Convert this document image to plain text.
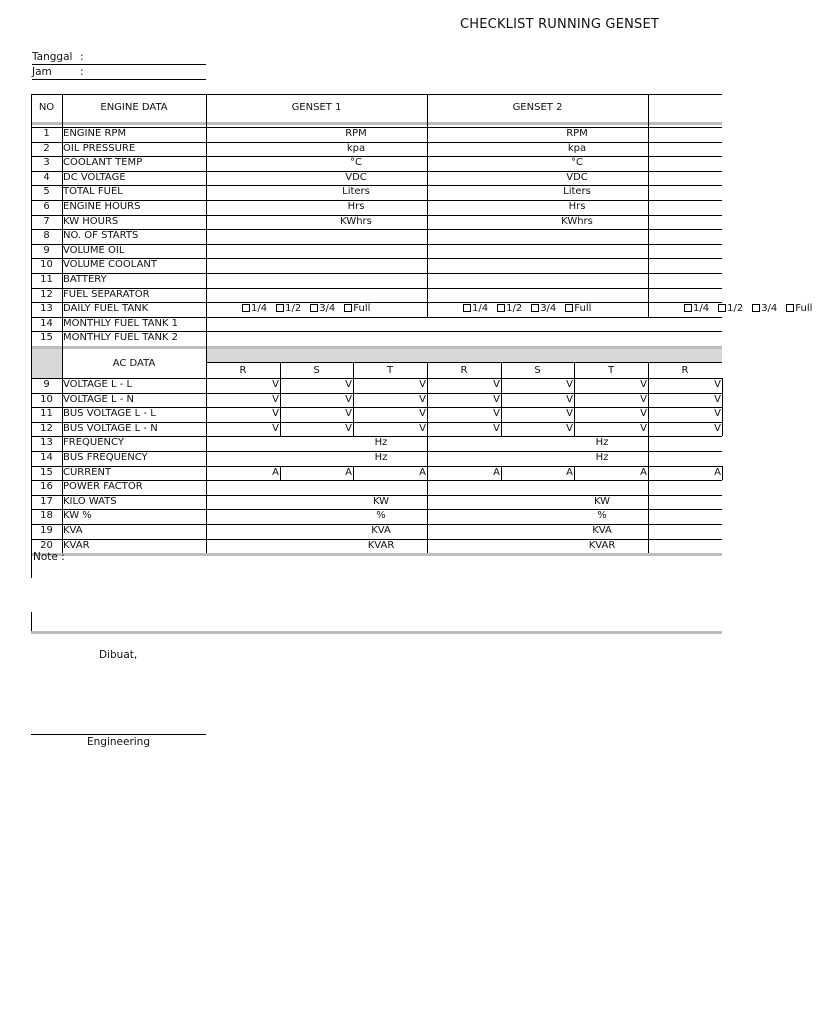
CHECKLIST RUNNING GENSET
Tanggal :
Jam	:
NO	ENGINE DATA	GENSET 1	GENSET 2
1	ENGINE RPM	RPM	RPM
2	OIL PRESSURE	kpa	kpa
3	COOLANT TEMP	°C	°C
4	DC VOLTAGE	VDC	VDC
5	TOTAL FUEL	Liters	Liters
6	ENGINE HOURS	Hrs	Hrs
7	KW HOURS	KWhrs	KWhrs
8	NO. OF STARTS
9	VOLUME OIL
10	VOLUME COOLANT
11	BATTERY
12	FUEL SEPARATOR
13	DAILY FUEL TANK	1/4 1/2 3/4 Full	1/4 1/2 3/4 Full	1/4 1/2 3/4 Full
14	MONTHLY FUEL TANK 1
15	MONTHLY FUEL TANK 2
AC DATA
R	S	T	R	S	T	R
9	VOLTAGE L - L	V	V	V	V	V	V	V
10	VOLTAGE L - N	V	V	V	V	V	V	V
11	BUS VOLTAGE L - L	V	V	V	V	V	V	V
12	BUS VOLTAGE L - N	V	V	V	V	V	V	V
13	FREQUENCY	Hz	Hz
14	BUS FREQUENCY	Hz	Hz
15	CURRENT	A	A	A	A	A	A	A
16	POWER FACTOR
17	KILO WATS	KW	KW
18	KW %	%	%
19	KVA	KVA	KVA
20	KVAR	KVAR	KVAR
Note :
Dibuat,
Engineering
